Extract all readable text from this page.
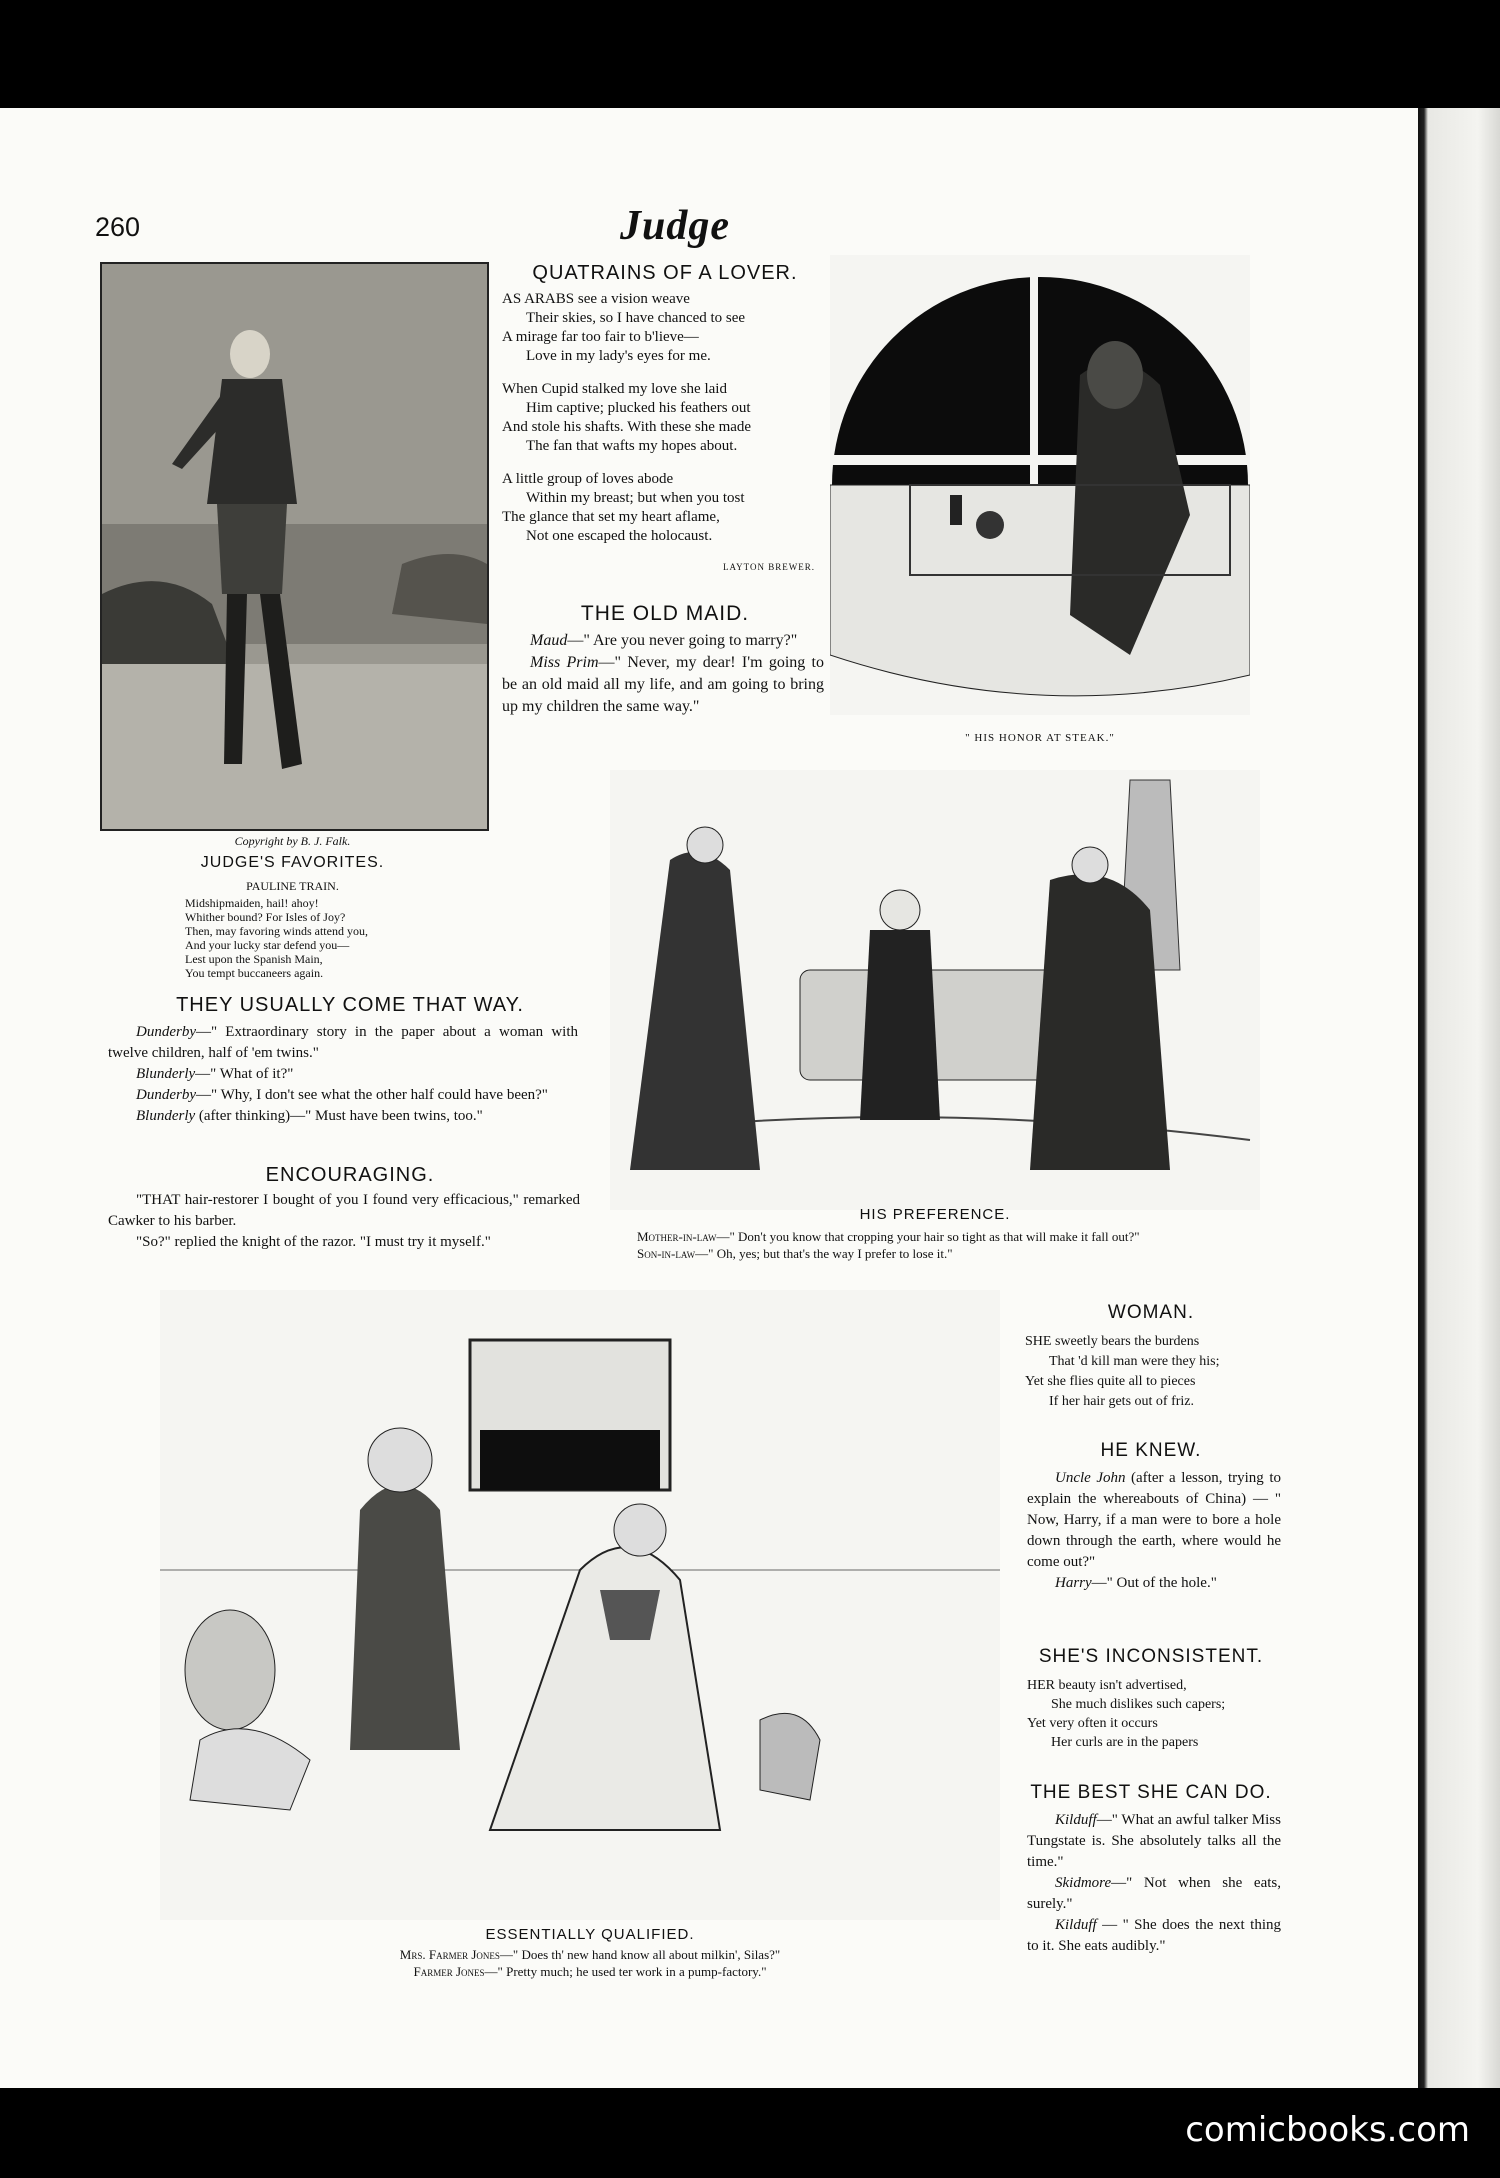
260	Judge
Copyright by B. J. Falk.
JUDGE'S FAVORITES.
PAULINE TRAIN.
Midshipmaiden, hail! ahoy!
Whither bound? For Isles of Joy?
Then, may favoring winds attend you,
And your lucky star defend you—
Lest upon the Spanish Main,
You tempt buccaneers again.
QUATRAINS OF A LOVER.

AS ARABS see a vision weave

Their skies, so I have chanced to see

A mirage far too fair to b'lieve—

Love in my lady's eyes for me.

When Cupid stalked my love she laid

Him captive; plucked his feathers out

And stole his shafts. With these she made

The fan that wafts my hopes about.

A little group of loves abode

Within my breast; but when you tost

The glance that set my heart aflame,

Not one escaped the holocaust.

LAYTON BREWER.
THE OLD MAID.

Maud—" Are you never going to marry?"

Miss Prim—" Never, my dear! I'm going to be an old maid all my life, and am going to bring up my children the same way."

" HIS HONOR AT STEAK."
THEY USUALLY COME THAT WAY.

Dunderby—" Extraordinary story in the paper about a woman with twelve children, half of 'em twins."

Blunderly—" What of it?"

Dunderby—" Why, I don't see what the other half could have been?"

Blunderly (after thinking)—" Must have been twins, too."

ENCOURAGING.

"THAT hair-restorer I bought of you I found very efficacious," remarked Cawker to his barber.

"So?" replied the knight of the razor. "I must try it myself."

HIS PREFERENCE.
Mother-in-law—" Don't you know that cropping your hair so tight as that will make it fall out?"
Son-in-law—" Oh, yes; but that's the way I prefer to lose it."
ESSENTIALLY QUALIFIED.
Mrs. Farmer Jones—" Does th' new hand know all about milkin', Silas?"
Farmer Jones—" Pretty much; he used ter work in a pump-factory."
WOMAN.

SHE sweetly bears the burdens

That 'd kill man were they his;

Yet she flies quite all to pieces

If her hair gets out of friz.

HE KNEW.

Uncle John (after a lesson, trying to explain the whereabouts of China) — " Now, Harry, if a man were to bore a hole down through the earth, where would he come out?"

Harry—" Out of the hole."

SHE'S INCONSISTENT.

HER beauty isn't advertised,

She much dislikes such capers;

Yet very often it occurs

Her curls are in the papers

THE BEST SHE CAN DO.

Kilduff—" What an awful talker Miss Tungstate is. She absolutely talks all the time."

Skidmore—" Not when she eats, surely."

Kilduff — " She does the next thing to it. She eats audibly."

comicbooks.com
